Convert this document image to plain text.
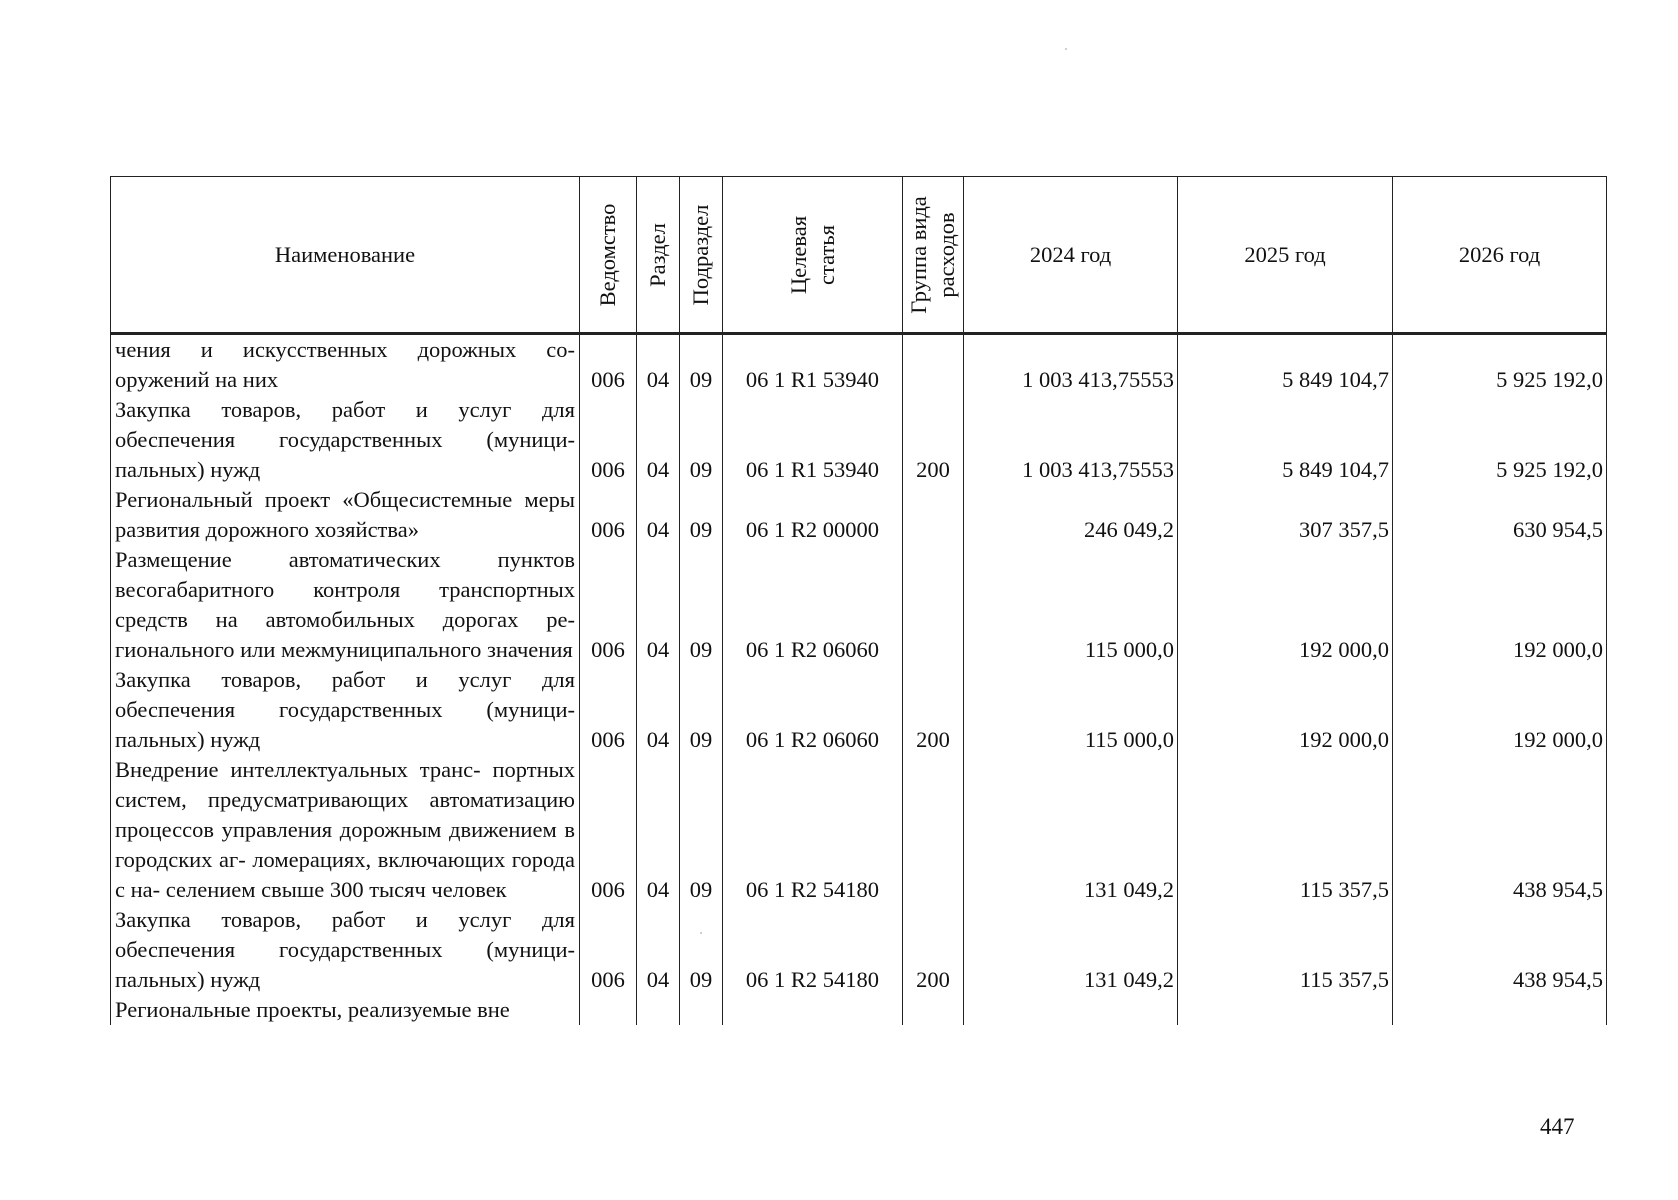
Наименование	Ведомство	Раздел	Подраздел	Целевая статья	Группа вида расходов	2024 год	2025 год	2026 год
чения и искусственных дорожных со- оружений на них	006	04	09	06 1 R1 53940		1 003 413,75553	5 849 104,7	5 925 192,0
Закупка товаров, работ и услуг для обеспечения государственных (муници- пальных) нужд	006	04	09	06 1 R1 53940	200	1 003 413,75553	5 849 104,7	5 925 192,0
Региональный проект «Общесистемные меры развития дорожного хозяйства»	006	04	09	06 1 R2 00000		246 049,2	307 357,5	630 954,5
Размещение автоматических пунктов весогабаритного контроля транспортных средств на автомобильных дорогах ре- гионального или межмуниципального значения	006	04	09	06 1 R2 06060		115 000,0	192 000,0	192 000,0
Закупка товаров, работ и услуг для обеспечения государственных (муници- пальных) нужд	006	04	09	06 1 R2 06060	200	115 000,0	192 000,0	192 000,0
Внедрение интеллектуальных транс- портных систем, предусматривающих автоматизацию процессов управления дорожным движением в городских аг- ломерациях, включающих города с на- селением свыше 300 тысяч человек	006	04	09	06 1 R2 54180		131 049,2	115 357,5	438 954,5
Закупка товаров, работ и услуг для обеспечения государственных (муници- пальных) нужд	006	04	09	06 1 R2 54180	200	131 049,2	115 357,5	438 954,5
Региональные проекты, реализуемые вне								
447
